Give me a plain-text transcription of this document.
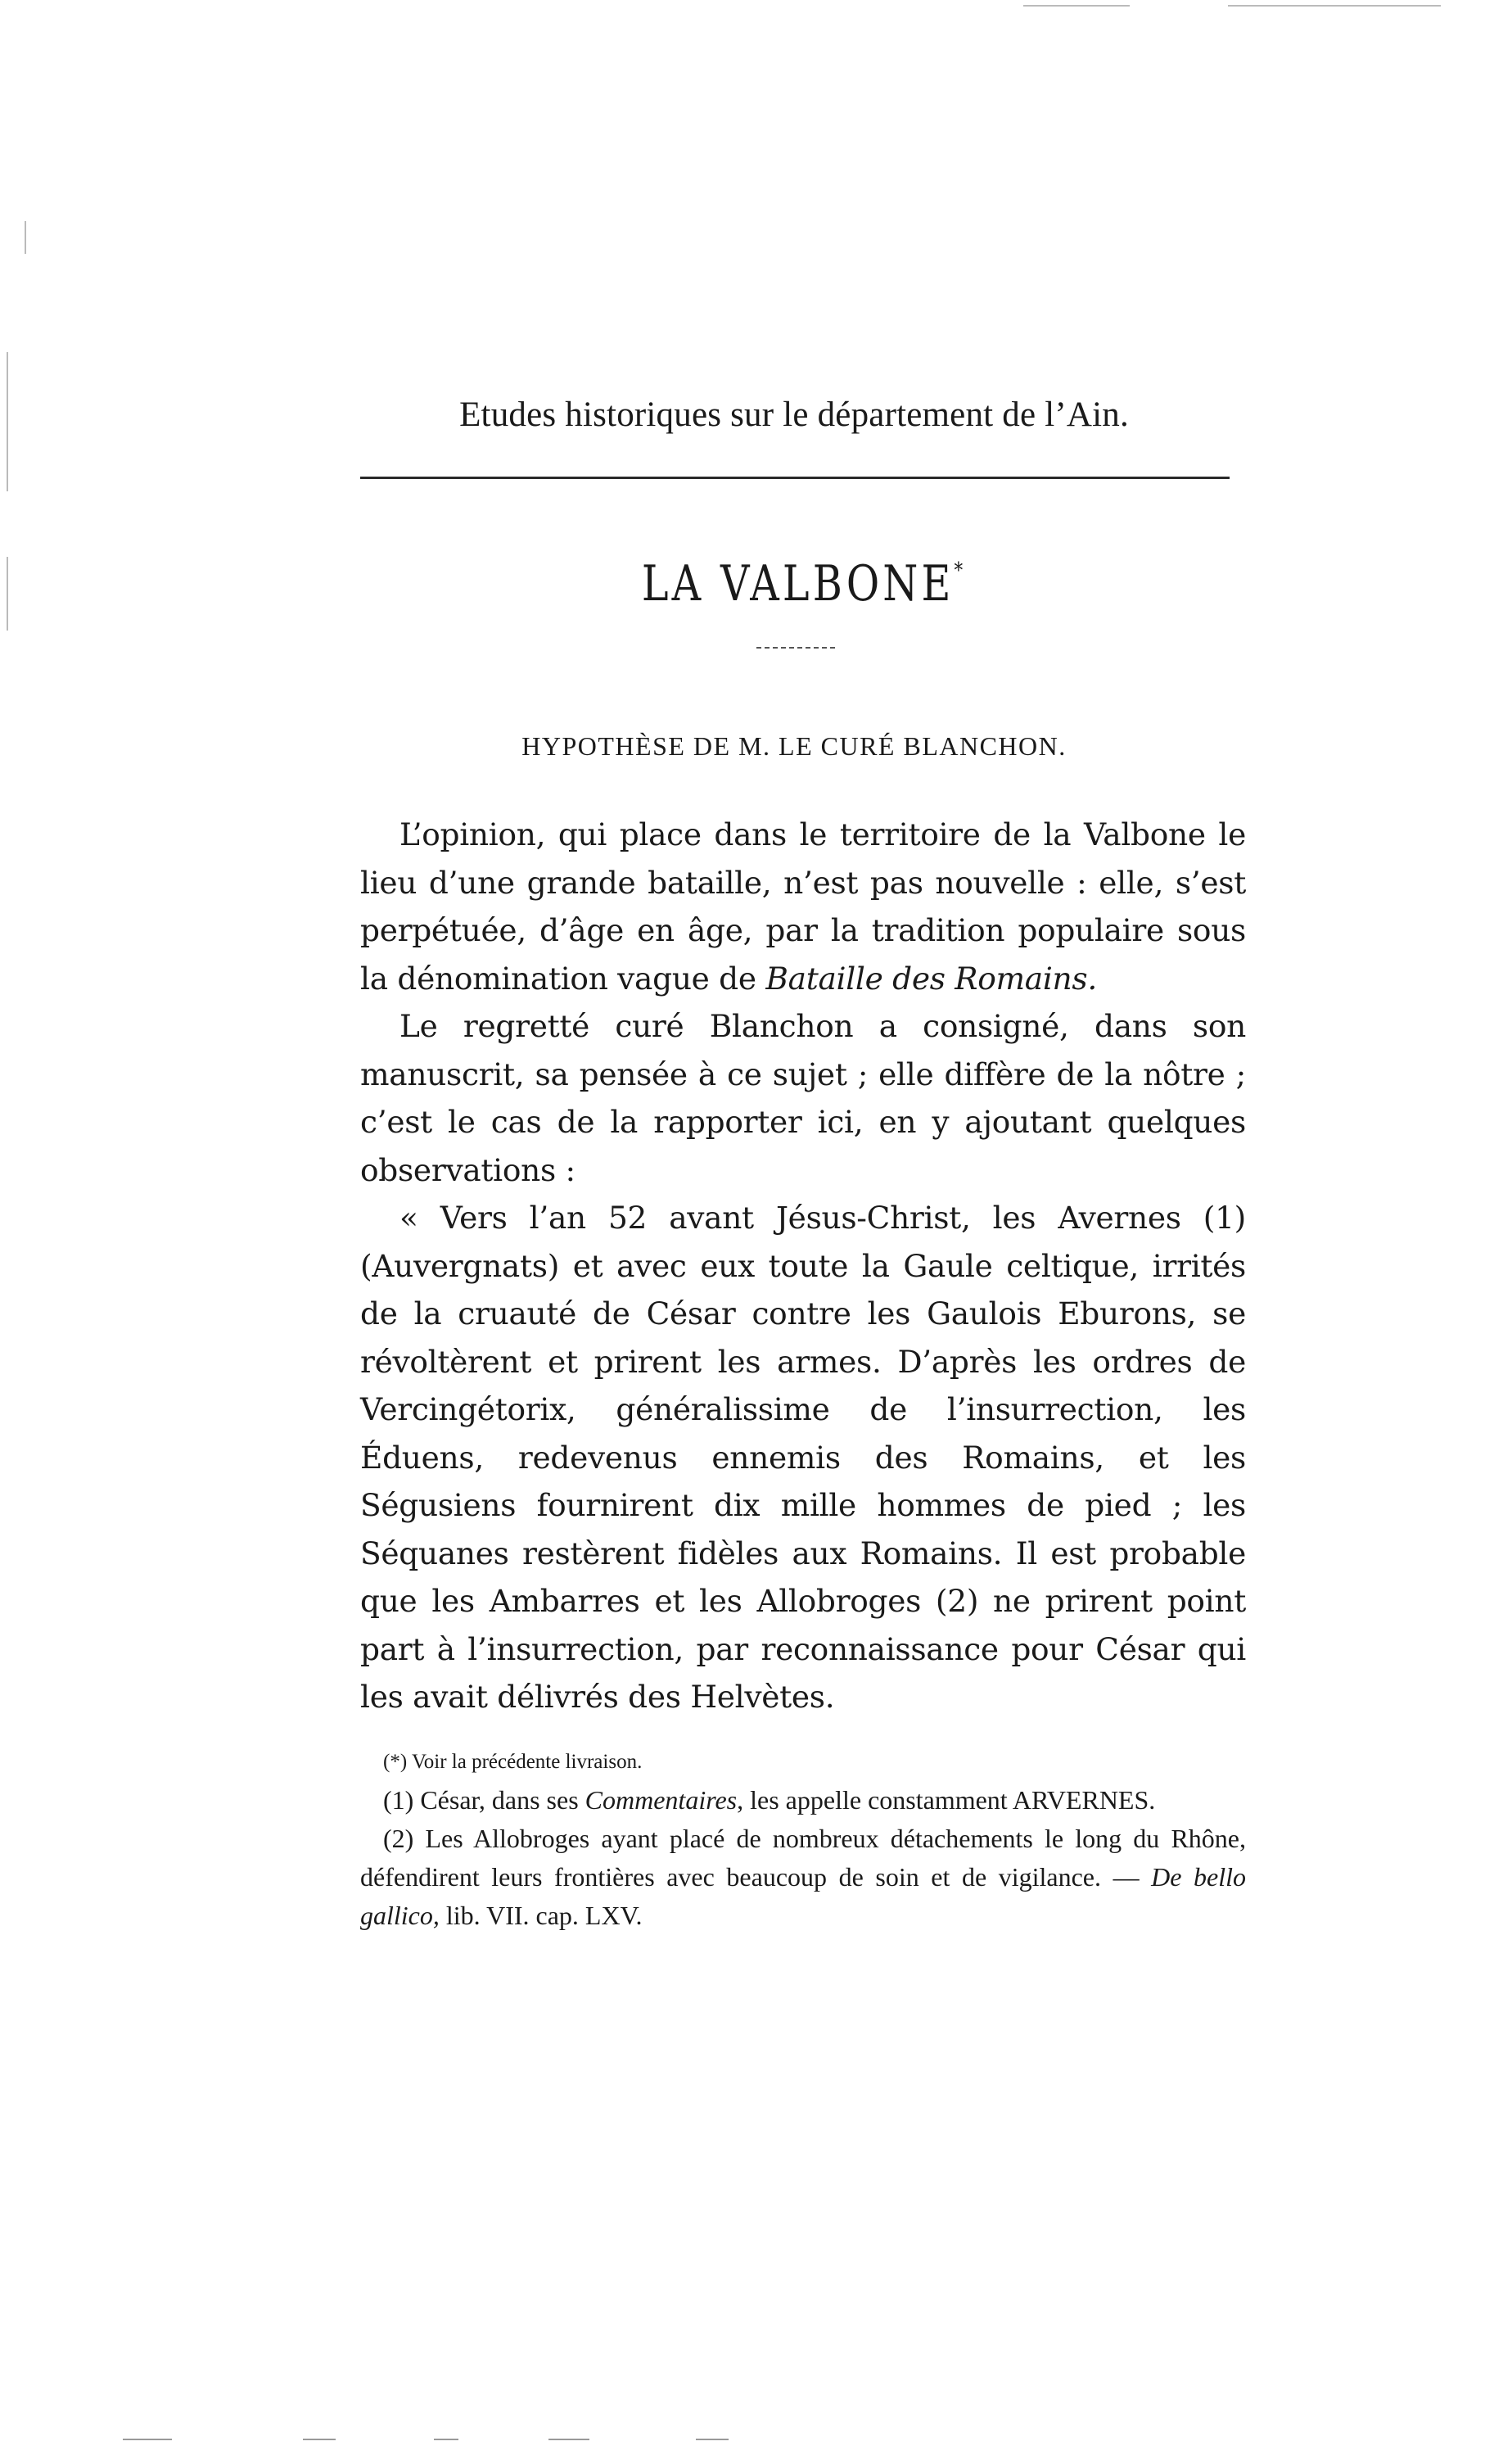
Etudes historiques sur le département de l’Ain.
LA VALBONE*
HYPOTHÈSE DE M. LE CURÉ BLANCHON.

L’opinion, qui place dans le territoire de la Valbone le lieu d’une grande bataille, n’est pas nouvelle : elle, s’est perpétuée, d’âge en âge, par la tradition populaire sous la dénomination vague de Bataille des Romains.

Le regretté curé Blanchon a consigné, dans son manuscrit, sa pensée à ce sujet ; elle diffère de la nôtre ; c’est le cas de la rapporter ici, en y ajoutant quelques observations :

« Vers l’an 52 avant Jésus-Christ, les Avernes (1) (Auvergnats) et avec eux toute la Gaule celtique, irrités de la cruauté de César contre les Gaulois Eburons, se révoltèrent et prirent les armes. D’après les ordres de Vercingétorix, généralissime de l’insurrection, les Éduens, redevenus ennemis des Romains, et les Ségusiens fournirent dix mille hommes de pied ; les Séquanes restèrent fidèles aux Romains. Il est probable que les Ambarres et les Allobroges (2) ne prirent point part à l’insurrection, par reconnaissance pour César qui les avait délivrés des Helvètes.

(*) Voir la précédente livraison.

(1) César, dans ses Commentaires, les appelle constamment ARVERNES.

(2) Les Allobroges ayant placé de nombreux détachements le long du Rhône, défendirent leurs frontières avec beaucoup de soin et de vigilance. — De bello gallico, lib. VII. cap. LXV.
